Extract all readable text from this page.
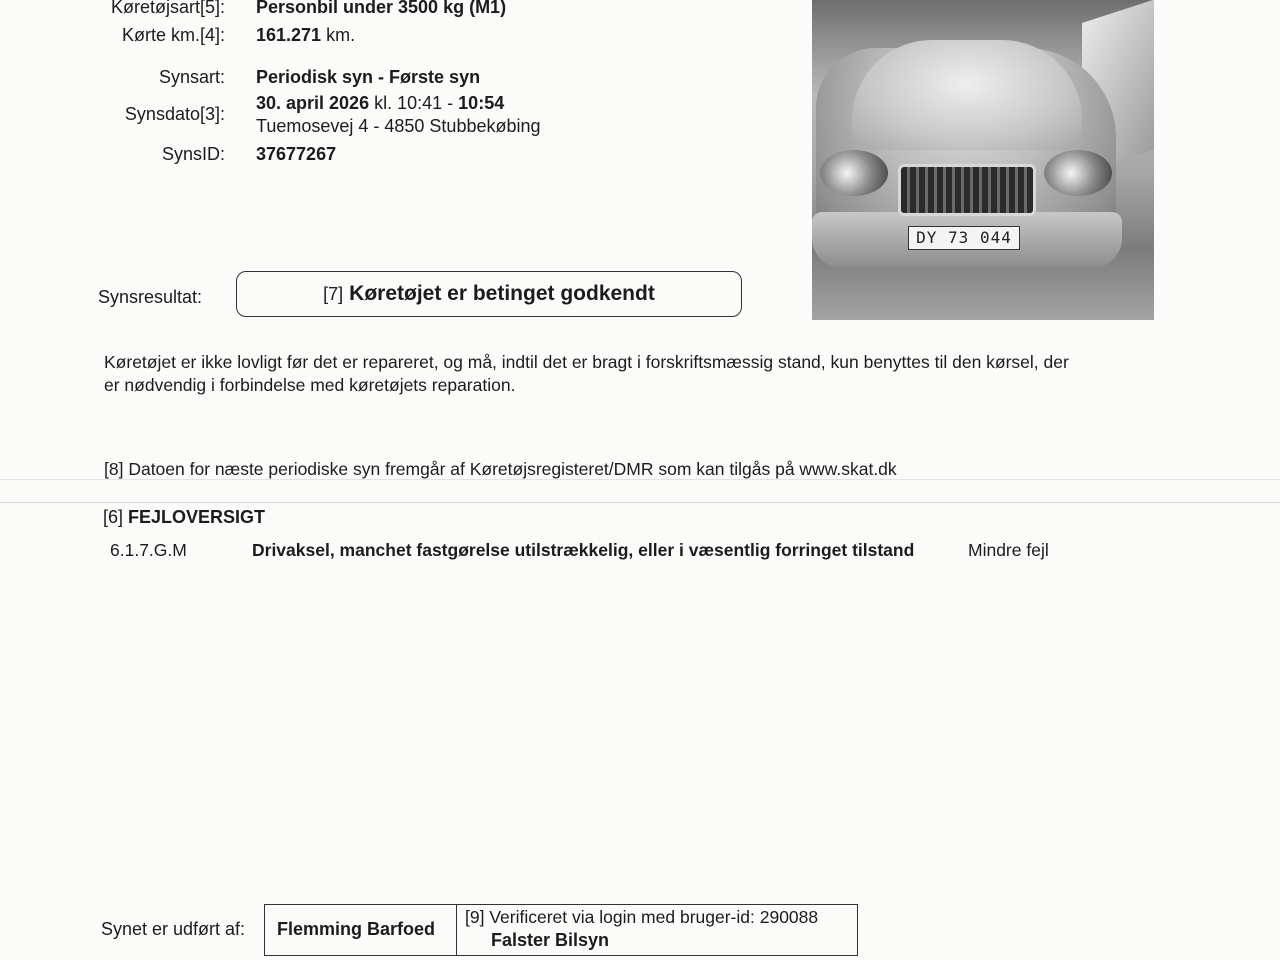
Køretøjsart[5]: Personbil under 3500 kg (M1)
Kørte km.[4]: 161.271 km.
Synsart: Periodisk syn - Første syn
Synsdato[3]:
30. april 2026 kl. 10:41 - 10:54
Tuemosevej 4 - 4850 Stubbekøbing
SynsID: 37677267
DY 73 044
Synsresultat:	[7] Køretøjet er betinget godkendt
Køretøjet er ikke lovligt før det er repareret, og må, indtil det er bragt i forskriftsmæssig stand, kun benyttes til den kørsel, der
er nødvendig i forbindelse med køretøjets reparation.
[8] Datoen for næste periodiske syn fremgår af Køretøjsregisteret/DMR som kan tilgås på www.skat.dk
[6] FEJLOVERSIGT
6.1.7.G.M	Drivaksel, manchet fastgørelse utilstrækkelig, eller i væsentlig forringet tilstand	Mindre fejl
Synet er udført af: Flemming Barfoed
[9] Verificeret via login med bruger-id: 290088
Falster Bilsyn
